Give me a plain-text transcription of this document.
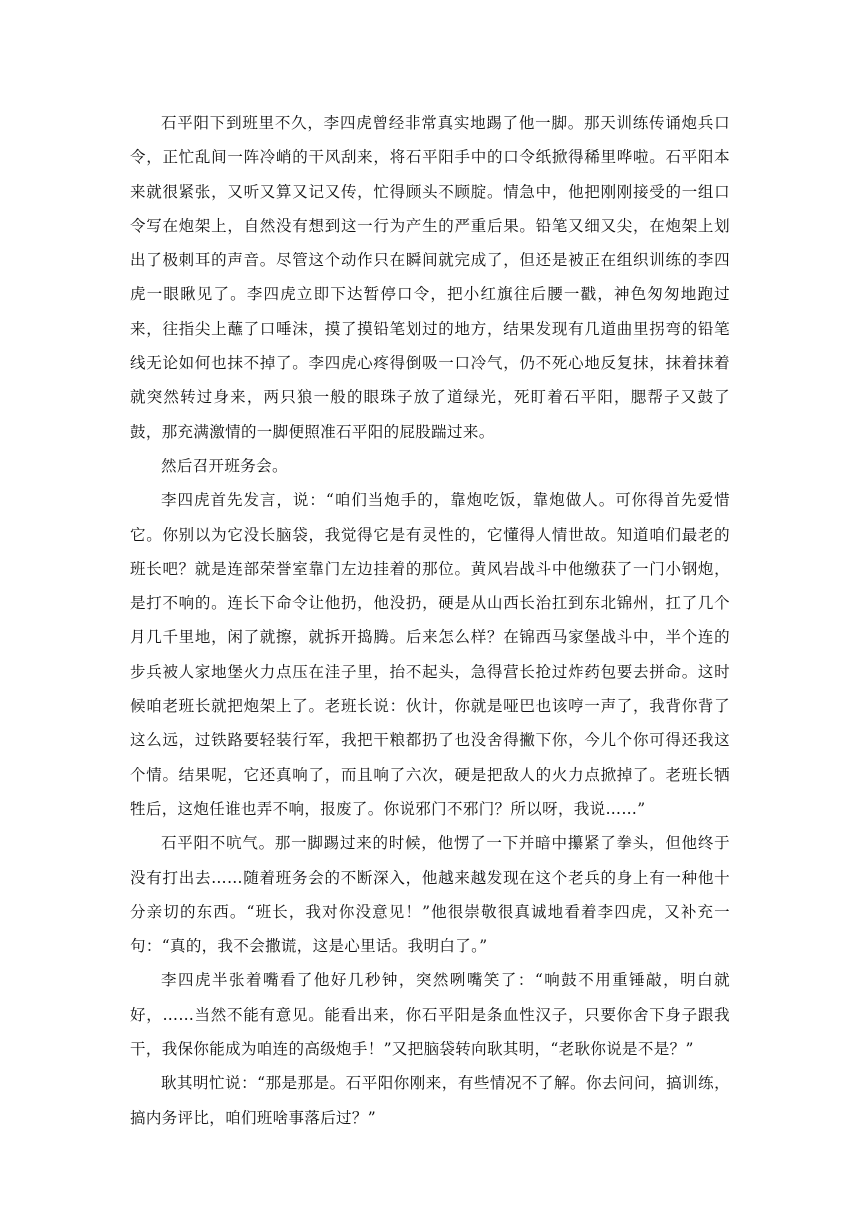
石平阳下到班里不久，李四虎曾经非常真实地踢了他一脚。那天训练传诵炮兵口令，正忙乱间一阵冷峭的干风刮来，将石平阳手中的口令纸掀得稀里哗啦。石平阳本来就很紧张，又听又算又记又传，忙得顾头不顾腚。情急中，他把刚刚接受的一组口令写在炮架上，自然没有想到这一行为产生的严重后果。铅笔又细又尖，在炮架上划出了极刺耳的声音。尽管这个动作只在瞬间就完成了，但还是被正在组织训练的李四虎一眼瞅见了。李四虎立即下达暂停口令，把小红旗往后腰一戳，神色匆匆地跑过来，往指尖上蘸了口唾沫，摸了摸铅笔划过的地方，结果发现有几道曲里拐弯的铅笔线无论如何也抹不掉了。李四虎心疼得倒吸一口冷气，仍不死心地反复抹，抹着抹着就突然转过身来，两只狼一般的眼珠子放了道绿光，死盯着石平阳，腮帮子又鼓了鼓，那充满激情的一脚便照准石平阳的屁股踹过来。

然后召开班务会。

李四虎首先发言，说：“咱们当炮手的，靠炮吃饭，靠炮做人。可你得首先爱惜它。你别以为它没长脑袋，我觉得它是有灵性的，它懂得人情世故。知道咱们最老的班长吧？就是连部荣誉室靠门左边挂着的那位。黄风岩战斗中他缴获了一门小钢炮，是打不响的。连长下命令让他扔，他没扔，硬是从山西长治扛到东北锦州，扛了几个月几千里地，闲了就擦，就拆开捣腾。后来怎么样？在锦西马家堡战斗中，半个连的步兵被人家地堡火力点压在洼子里，抬不起头，急得营长抢过炸药包要去拼命。这时候咱老班长就把炮架上了。老班长说：伙计，你就是哑巴也该哼一声了，我背你背了这么远，过铁路要轻装行军，我把干粮都扔了也没舍得撇下你，今儿个你可得还我这个情。结果呢，它还真响了，而且响了六次，硬是把敌人的火力点掀掉了。老班长牺牲后，这炮任谁也弄不响，报废了。你说邪门不邪门？所以呀，我说……”

石平阳不吭气。那一脚踢过来的时候，他愣了一下并暗中攥紧了拳头，但他终于没有打出去……随着班务会的不断深入，他越来越发现在这个老兵的身上有一种他十分亲切的东西。“班长，我对你没意见！”他很崇敬很真诚地看着李四虎，又补充一句：“真的，我不会撒谎，这是心里话。我明白了。”

李四虎半张着嘴看了他好几秒钟，突然咧嘴笑了：“响鼓不用重锤敲，明白就好，……当然不能有意见。能看出来，你石平阳是条血性汉子，只要你舍下身子跟我干，我保你能成为咱连的高级炮手！”又把脑袋转向耿其明，“老耿你说是不是？”

耿其明忙说：“那是那是。石平阳你刚来，有些情况不了解。你去问问，搞训练，搞内务评比，咱们班啥事落后过？”
